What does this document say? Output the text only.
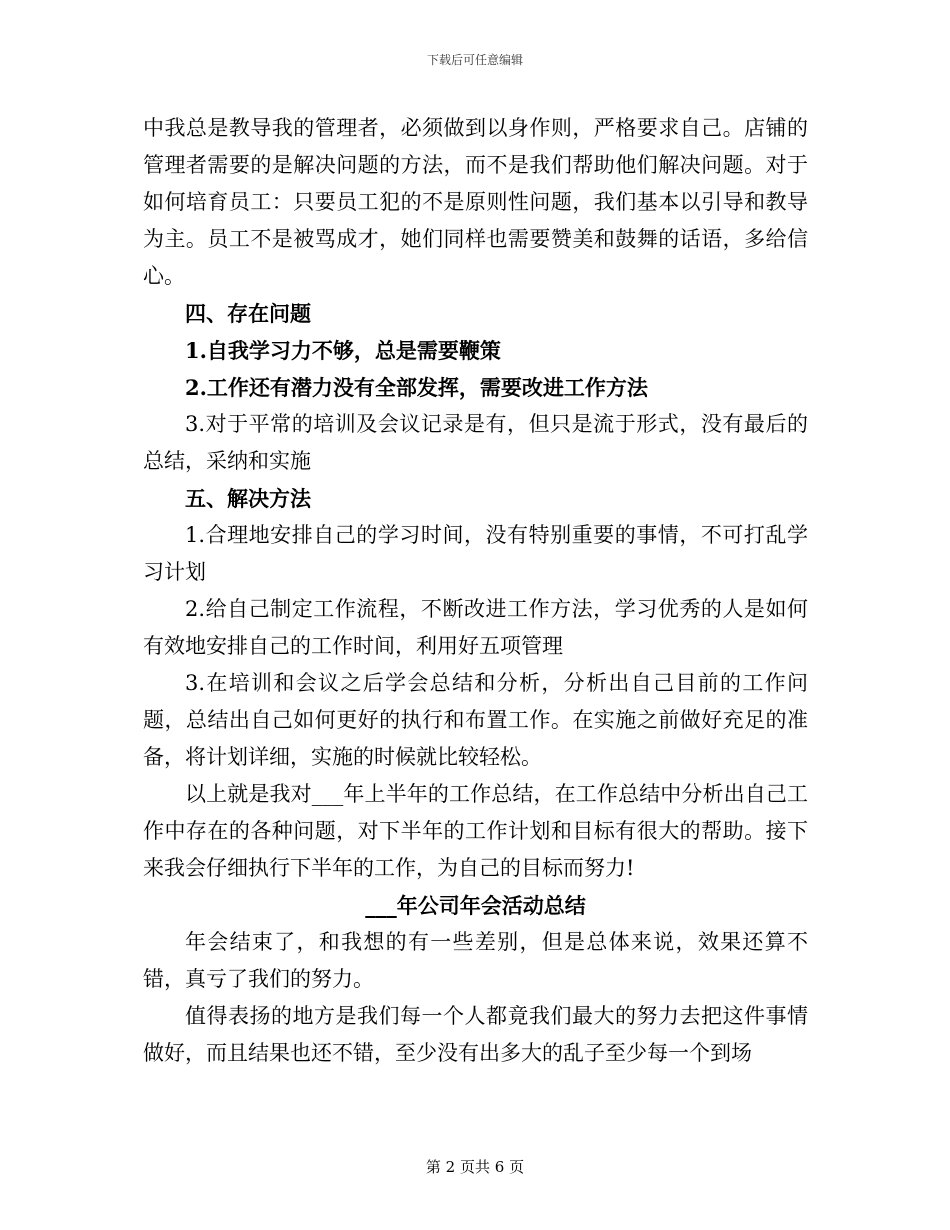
下载后可任意编辑

中我总是教导我的管理者，必须做到以身作则，严格要求自己。店铺的管理者需要的是解决问题的方法，而不是我们帮助他们解决问题。对于如何培育员工：只要员工犯的不是原则性问题，我们基本以引导和教导为主。员工不是被骂成才，她们同样也需要赞美和鼓舞的话语，多给信心。

四、存在问题

1.自我学习力不够，总是需要鞭策

2.工作还有潜力没有全部发挥，需要改进工作方法

3.对于平常的培训及会议记录是有，但只是流于形式，没有最后的总结，采纳和实施

五、解决方法

1.合理地安排自己的学习时间，没有特别重要的事情，不可打乱学习计划

2.给自己制定工作流程，不断改进工作方法，学习优秀的人是如何有效地安排自己的工作时间，利用好五项管理

3.在培训和会议之后学会总结和分析，分析出自己目前的工作问题，总结出自己如何更好的执行和布置工作。在实施之前做好充足的准备，将计划详细，实施的时候就比较轻松。

以上就是我对___年上半年的工作总结，在工作总结中分析出自己工作中存在的各种问题，对下半年的工作计划和目标有很大的帮助。接下来我会仔细执行下半年的工作，为自己的目标而努力!

___年公司年会活动总结

年会结束了，和我想的有一些差别，但是总体来说，效果还算不错，真亏了我们的努力。

值得表扬的地方是我们每一个人都竟我们最大的努力去把这件事情做好，而且结果也还不错，至少没有出多大的乱子至少每一个到场

第 2 页共 6 页
